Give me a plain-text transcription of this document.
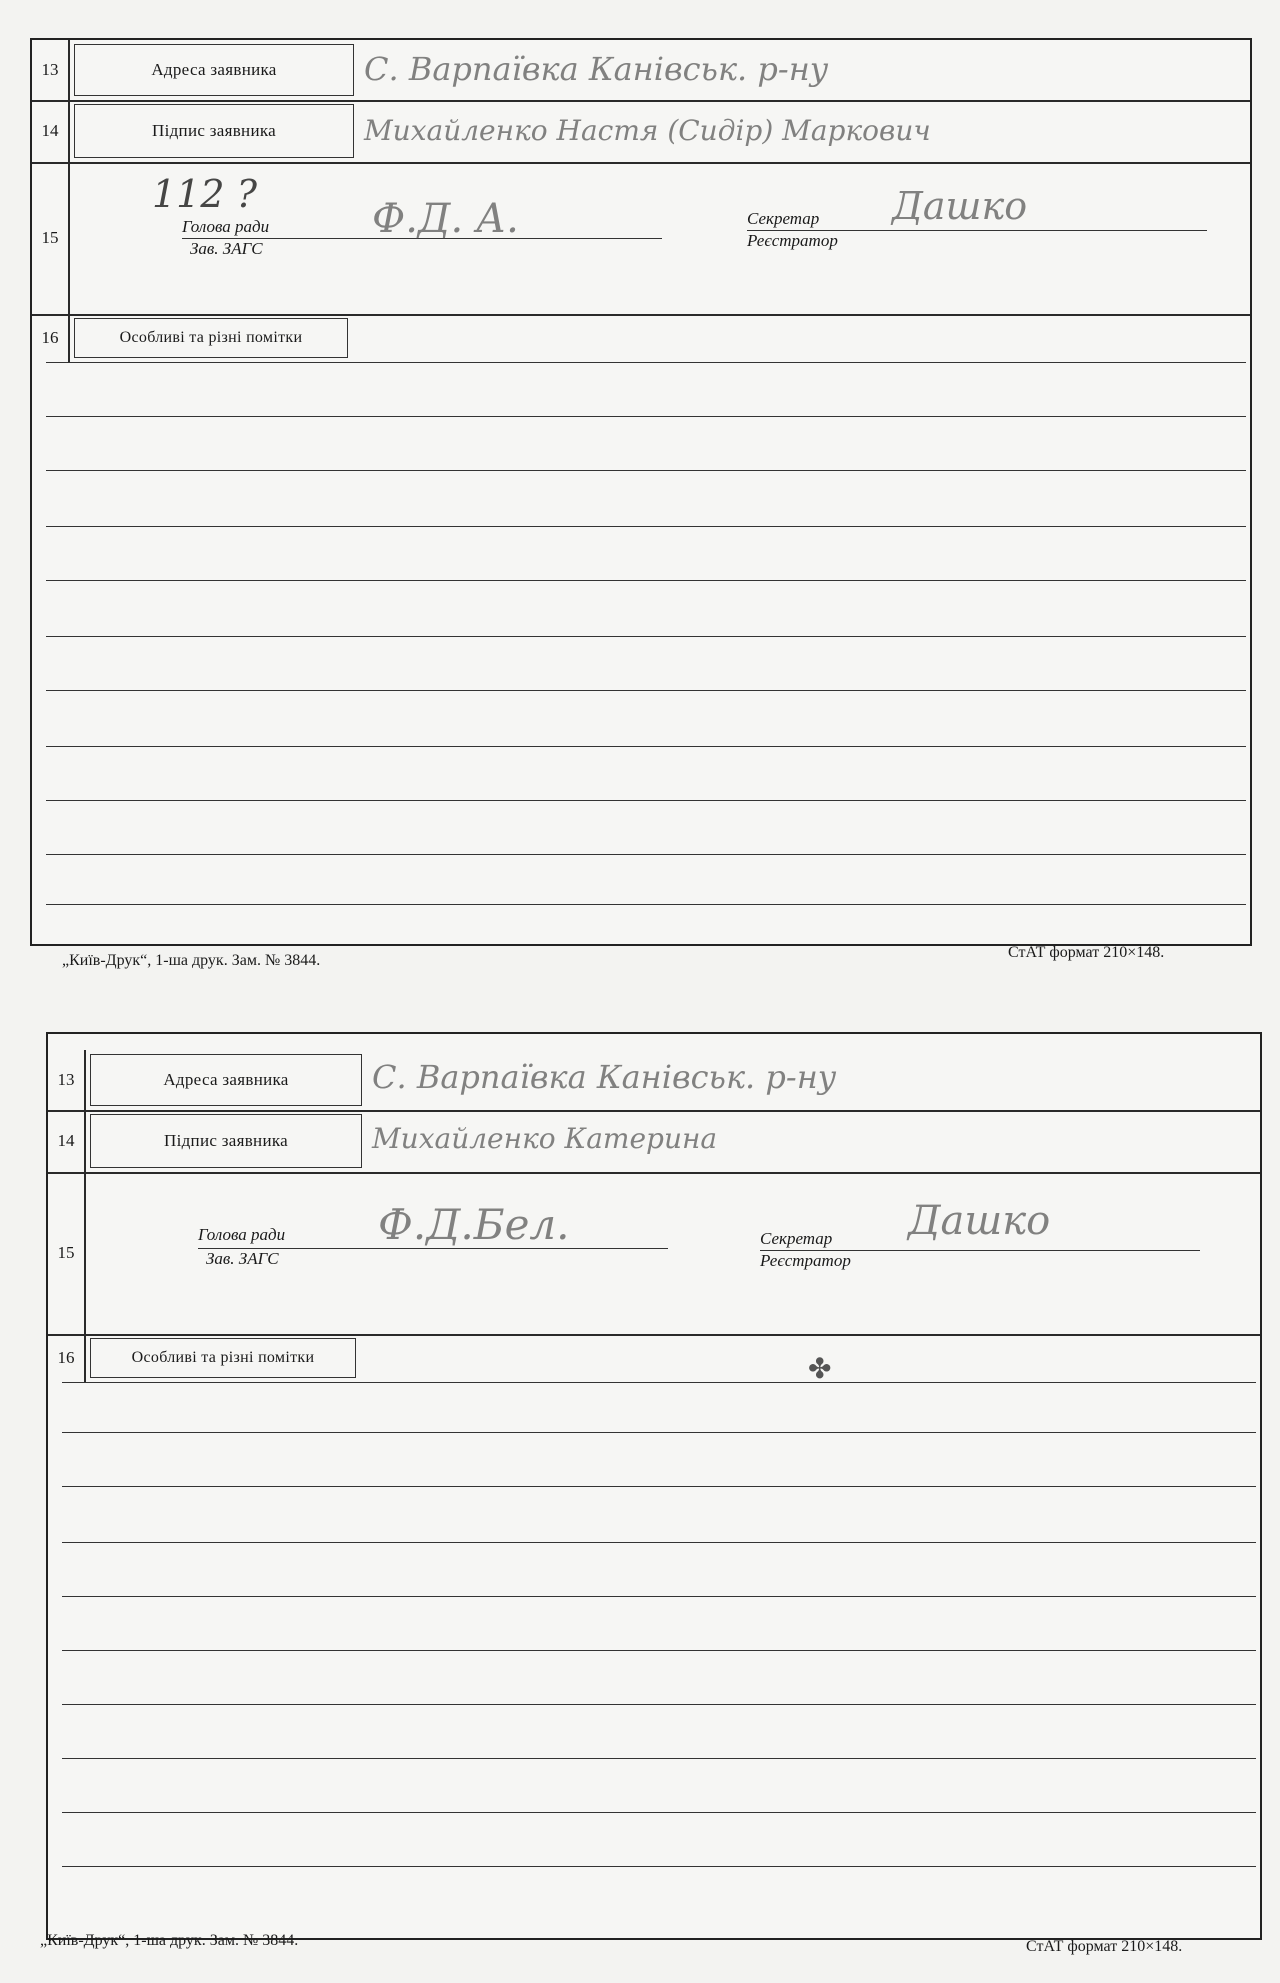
13	Адреса заявника	С. Варпаївка Канівськ. р-ну
14	Підпис заявника	Михайленко Настя (Сидір) Маркович
15
112 ?
Голова ради
Зав. ЗАГС
Ф.Д. А.	Секретар
Реєстратор
Дашко
16	Особливі та різні помітки
„Київ-Друк“, 1-ша друк. Зам. № 3844.	СтАТ формат 210×148.
13	Адреса заявника	С. Варпаївка Канівськ. р-ну
14	Підпис заявника	Михайленко Катерина
15
Голова ради
Зав. ЗАГС
Ф.Д.Бел.	Секретар
Реєстратор
Дашко
16	Особливі та різні помітки	✤
„Київ-Друк“, 1-ша друк. Зам. № 3844.	СтАТ формат 210×148.
